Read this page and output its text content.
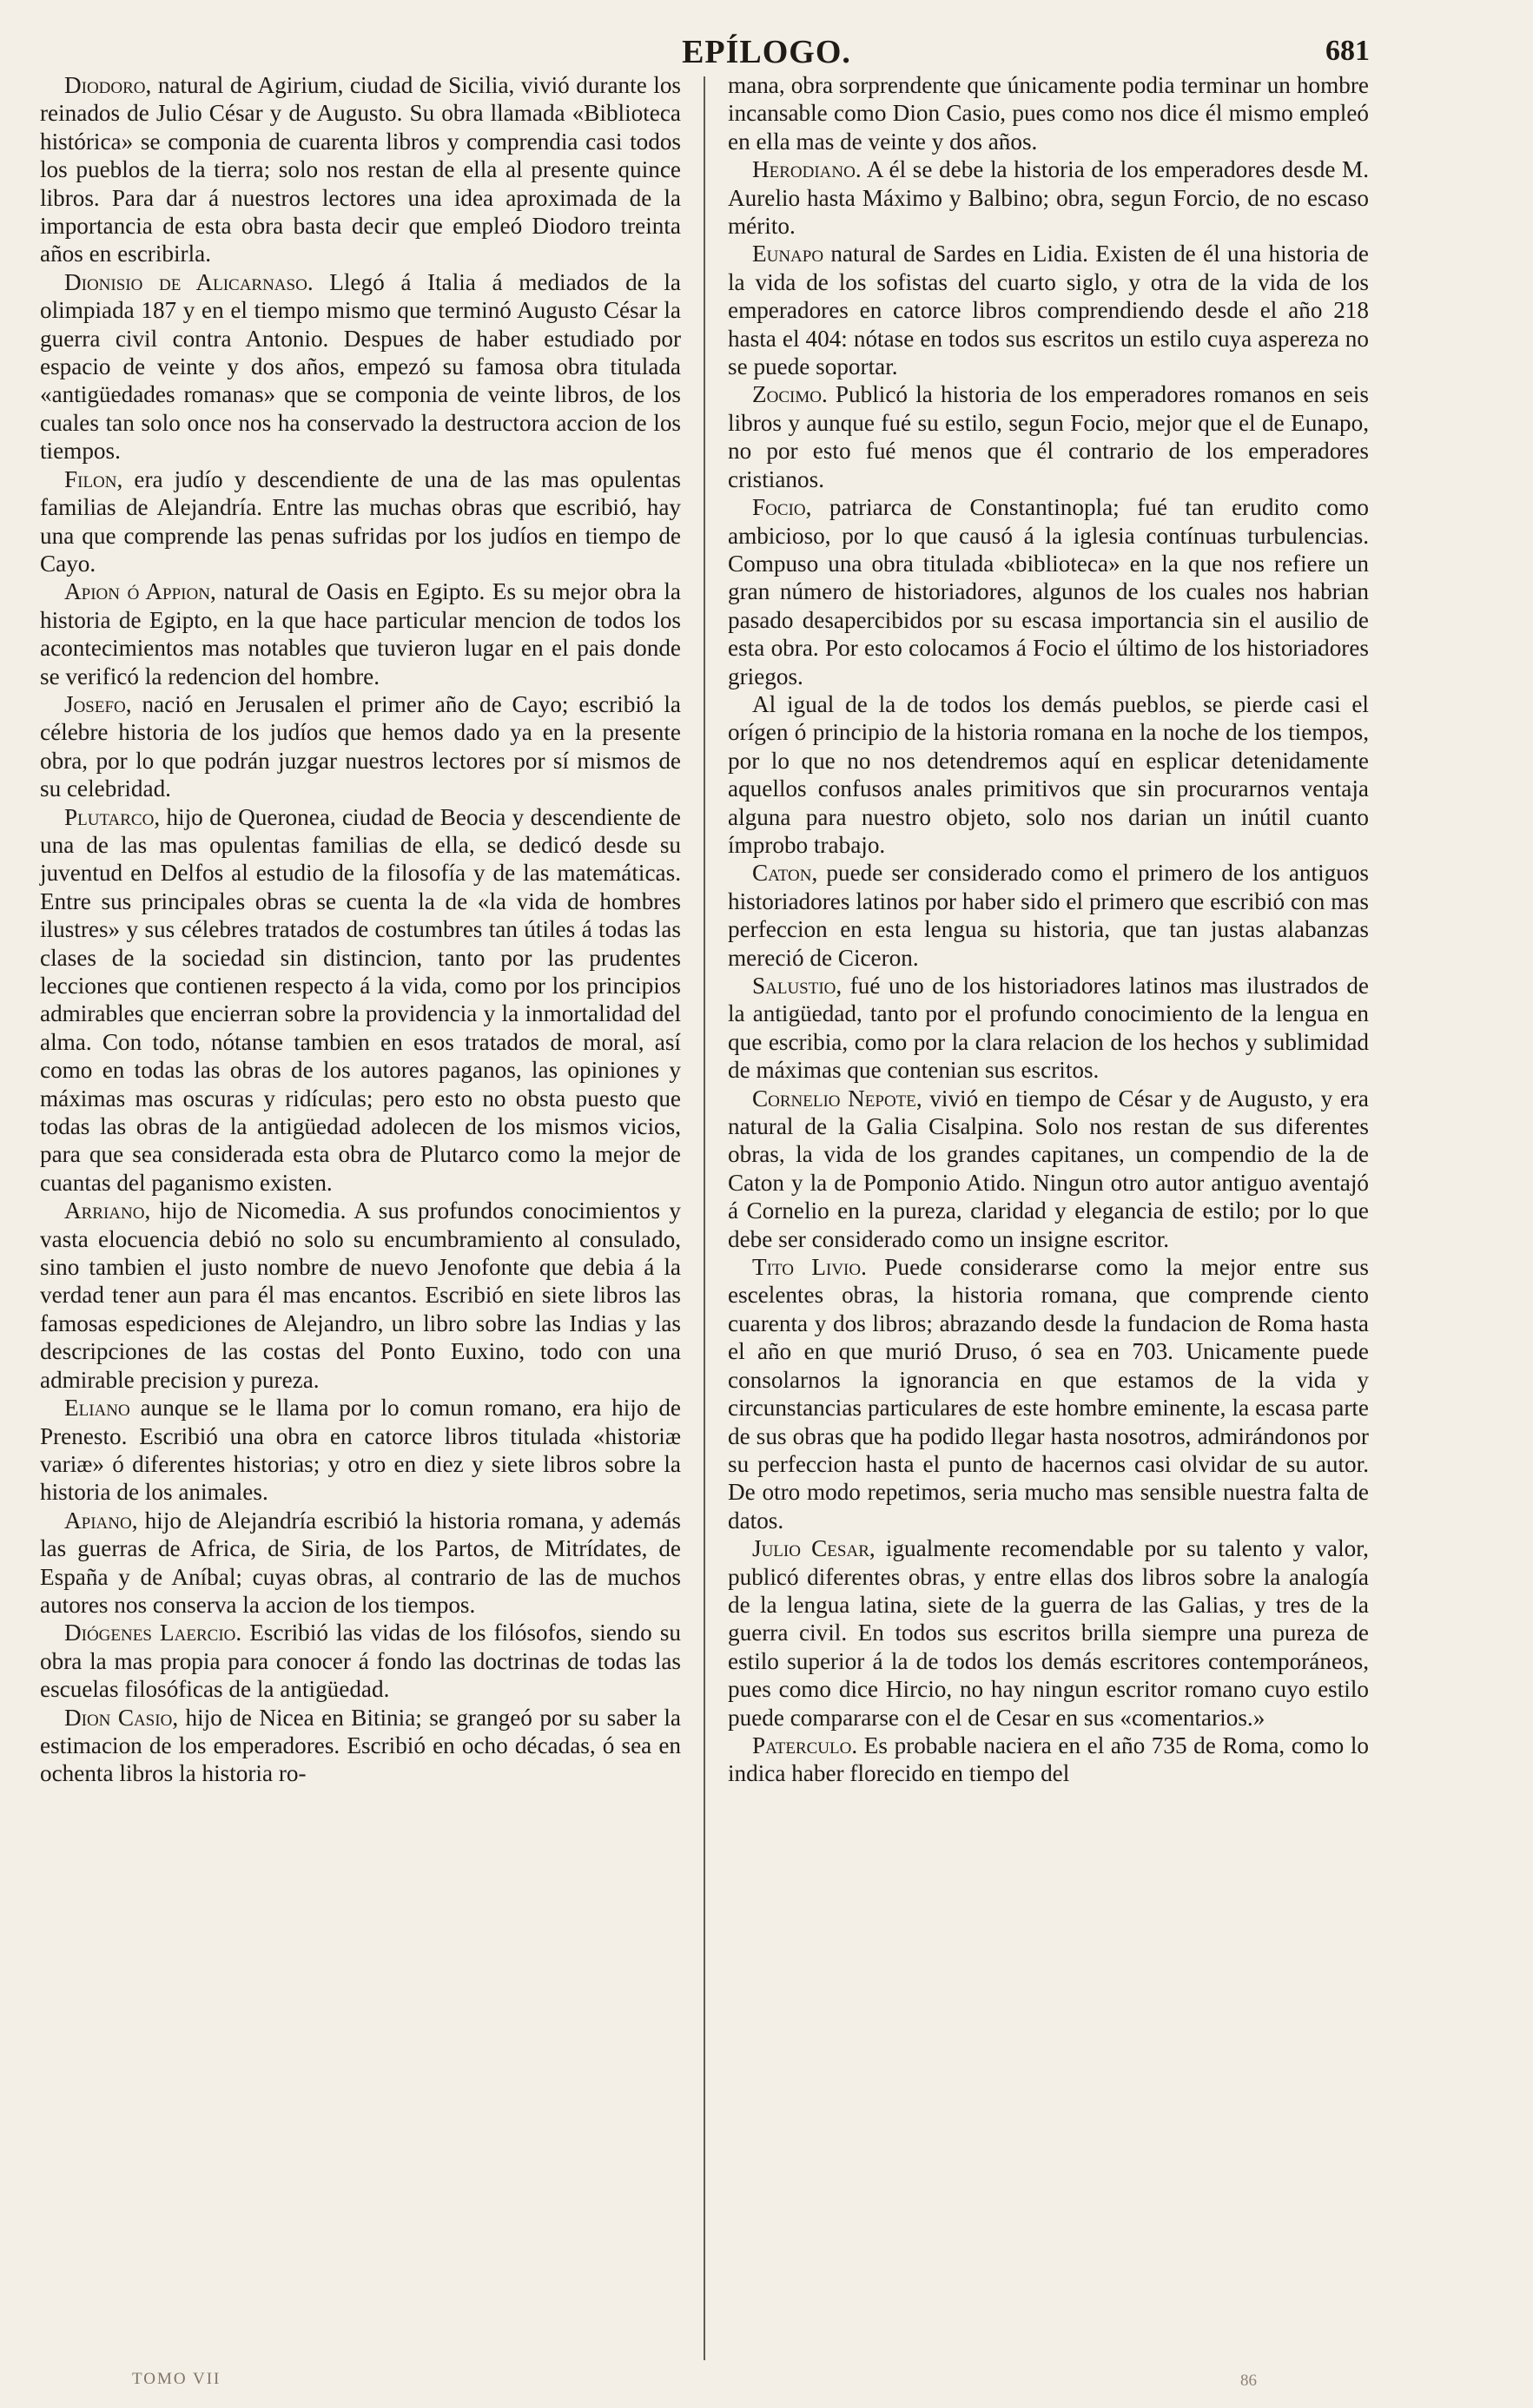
EPÍLOGO.	681

Diodoro, natural de Agirium, ciudad de Sicilia, vivió durante los reinados de Julio César y de Augusto. Su obra llamada «Biblioteca histórica» se componia de cuarenta libros y comprendia casi todos los pueblos de la tierra; solo nos restan de ella al presente quince libros. Para dar á nuestros lectores una idea aproximada de la importancia de esta obra basta decir que empleó Diodoro treinta años en escribirla.

Dionisio de Alicarnaso. Llegó á Italia á mediados de la olimpiada 187 y en el tiempo mismo que terminó Augusto César la guerra civil contra Antonio. Despues de haber estudiado por espacio de veinte y dos años, empezó su famosa obra titulada «antigüedades romanas» que se componia de veinte libros, de los cuales tan solo once nos ha conservado la destructora accion de los tiempos.

Filon, era judío y descendiente de una de las mas opulentas familias de Alejandría. Entre las muchas obras que escribió, hay una que comprende las penas sufridas por los judíos en tiempo de Cayo.

Apion ó Appion, natural de Oasis en Egipto. Es su mejor obra la historia de Egipto, en la que hace particular mencion de todos los acontecimientos mas notables que tuvieron lugar en el pais donde se verificó la redencion del hombre.

Josefo, nació en Jerusalen el primer año de Cayo; escribió la célebre historia de los judíos que hemos dado ya en la presente obra, por lo que podrán juzgar nuestros lectores por sí mismos de su celebridad.

Plutarco, hijo de Queronea, ciudad de Beocia y descendiente de una de las mas opulentas familias de ella, se dedicó desde su juventud en Delfos al estudio de la filosofía y de las matemáticas. Entre sus principales obras se cuenta la de «la vida de hombres ilustres» y sus célebres tratados de costumbres tan útiles á todas las clases de la sociedad sin distincion, tanto por las prudentes lecciones que contienen respecto á la vida, como por los principios admirables que encierran sobre la providencia y la inmortalidad del alma. Con todo, nótanse tambien en esos tratados de moral, así como en todas las obras de los autores paganos, las opiniones y máximas mas oscuras y ridículas; pero esto no obsta puesto que todas las obras de la antigüedad adolecen de los mismos vicios, para que sea considerada esta obra de Plutarco como la mejor de cuantas del paganismo existen.

Arriano, hijo de Nicomedia. A sus profundos conocimientos y vasta elocuencia debió no solo su encumbramiento al consulado, sino tambien el justo nombre de nuevo Jenofonte que debia á la verdad tener aun para él mas encantos. Escribió en siete libros las famosas espediciones de Alejandro, un libro sobre las Indias y las descripciones de las costas del Ponto Euxino, todo con una admirable precision y pureza.

Eliano aunque se le llama por lo comun romano, era hijo de Prenesto. Escribió una obra en catorce libros titulada «historiæ variæ» ó diferentes historias; y otro en diez y siete libros sobre la historia de los animales.

Apiano, hijo de Alejandría escribió la historia romana, y además las guerras de Africa, de Siria, de los Partos, de Mitrídates, de España y de Aníbal; cuyas obras, al contrario de las de muchos autores nos conserva la accion de los tiempos.

Diógenes Laercio. Escribió las vidas de los filósofos, siendo su obra la mas propia para conocer á fondo las doctrinas de todas las escuelas filosóficas de la antigüedad.

Dion Casio, hijo de Nicea en Bitinia; se grangeó por su saber la estimacion de los emperadores. Escribió en ocho décadas, ó sea en ochenta libros la historia ro-

mana, obra sorprendente que únicamente podia terminar un hombre incansable como Dion Casio, pues como nos dice él mismo empleó en ella mas de veinte y dos años.

Herodiano. A él se debe la historia de los emperadores desde M. Aurelio hasta Máximo y Balbino; obra, segun Forcio, de no escaso mérito.

Eunapo natural de Sardes en Lidia. Existen de él una historia de la vida de los sofistas del cuarto siglo, y otra de la vida de los emperadores en catorce libros comprendiendo desde el año 218 hasta el 404: nótase en todos sus escritos un estilo cuya aspereza no se puede soportar.

Zocimo. Publicó la historia de los emperadores romanos en seis libros y aunque fué su estilo, segun Focio, mejor que el de Eunapo, no por esto fué menos que él contrario de los emperadores cristianos.

Focio, patriarca de Constantinopla; fué tan erudito como ambicioso, por lo que causó á la iglesia contínuas turbulencias. Compuso una obra titulada «biblioteca» en la que nos refiere un gran número de historiadores, algunos de los cuales nos habrian pasado desapercibidos por su escasa importancia sin el ausilio de esta obra. Por esto colocamos á Focio el último de los historiadores griegos.

Al igual de la de todos los demás pueblos, se pierde casi el orígen ó principio de la historia romana en la noche de los tiempos, por lo que no nos detendremos aquí en esplicar detenidamente aquellos confusos anales primitivos que sin procurarnos ventaja alguna para nuestro objeto, solo nos darian un inútil cuanto ímprobo trabajo.

Caton, puede ser considerado como el primero de los antiguos historiadores latinos por haber sido el primero que escribió con mas perfeccion en esta lengua su historia, que tan justas alabanzas mereció de Ciceron.

Salustio, fué uno de los historiadores latinos mas ilustrados de la antigüedad, tanto por el profundo conocimiento de la lengua en que escribia, como por la clara relacion de los hechos y sublimidad de máximas que contenian sus escritos.

Cornelio Nepote, vivió en tiempo de César y de Augusto, y era natural de la Galia Cisalpina. Solo nos restan de sus diferentes obras, la vida de los grandes capitanes, un compendio de la de Caton y la de Pomponio Atido. Ningun otro autor antiguo aventajó á Cornelio en la pureza, claridad y elegancia de estilo; por lo que debe ser considerado como un insigne escritor.

Tito Livio. Puede considerarse como la mejor entre sus escelentes obras, la historia romana, que comprende ciento cuarenta y dos libros; abrazando desde la fundacion de Roma hasta el año en que murió Druso, ó sea en 703. Unicamente puede consolarnos la ignorancia en que estamos de la vida y circunstancias particulares de este hombre eminente, la escasa parte de sus obras que ha podido llegar hasta nosotros, admirándonos por su perfeccion hasta el punto de hacernos casi olvidar de su autor. De otro modo repetimos, seria mucho mas sensible nuestra falta de datos.

Julio Cesar, igualmente recomendable por su talento y valor, publicó diferentes obras, y entre ellas dos libros sobre la analogía de la lengua latina, siete de la guerra de las Galias, y tres de la guerra civil. En todos sus escritos brilla siempre una pureza de estilo superior á la de todos los demás escritores contemporáneos, pues como dice Hircio, no hay ningun escritor romano cuyo estilo puede compararse con el de Cesar en sus «comentarios.»

Paterculo. Es probable naciera en el año 735 de Roma, como lo indica haber florecido en tiempo del

TOMO VII	86
